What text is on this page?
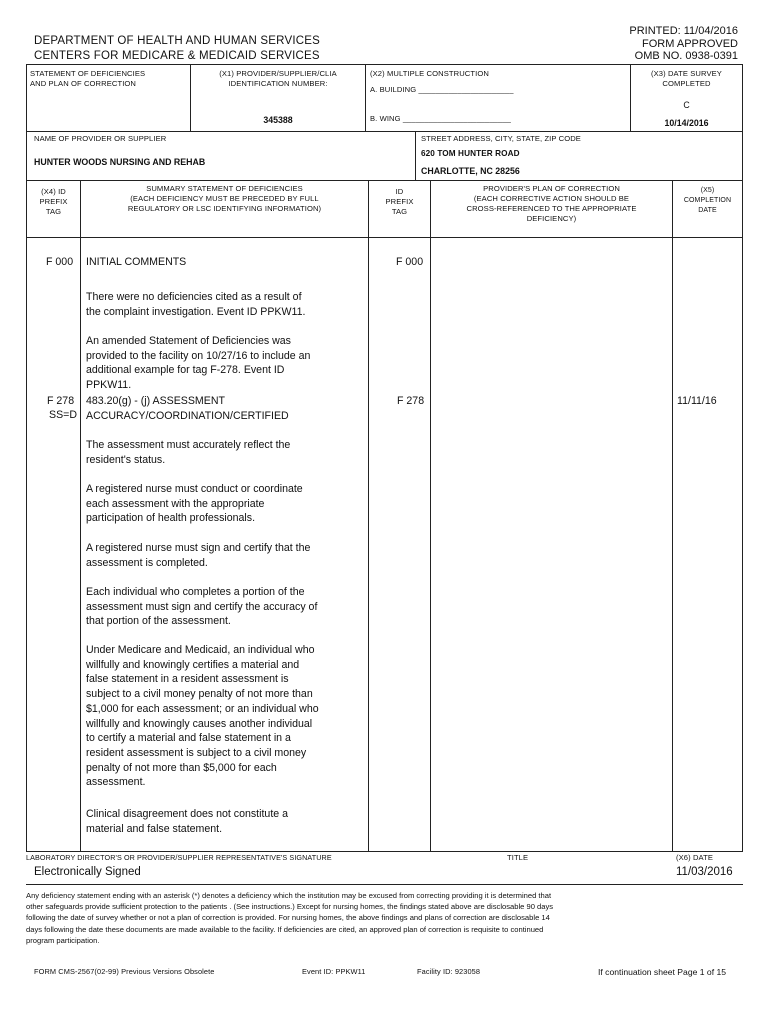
DEPARTMENT OF HEALTH AND HUMAN SERVICES
CENTERS FOR MEDICARE & MEDICAID SERVICES
PRINTED: 11/04/2016
FORM APPROVED
OMB NO. 0938-0391
STATEMENT OF DEFICIENCIES
AND PLAN OF CORRECTION
(X1) PROVIDER/SUPPLIER/CLIA
IDENTIFICATION NUMBER:
345388
(X2) MULTIPLE CONSTRUCTION
A. BUILDING ______________________
B. WING _________________________
(X3) DATE SURVEY
COMPLETED
C
10/14/2016
NAME OF PROVIDER OR SUPPLIER
HUNTER WOODS NURSING AND REHAB
STREET ADDRESS, CITY, STATE, ZIP CODE
620 TOM HUNTER ROAD
CHARLOTTE, NC 28256
(X4) ID
PREFIX
TAG
SUMMARY STATEMENT OF DEFICIENCIES
(EACH DEFICIENCY MUST BE PRECEDED BY FULL
REGULATORY OR LSC IDENTIFYING INFORMATION)
ID
PREFIX
TAG
PROVIDER'S PLAN OF CORRECTION
(EACH CORRECTIVE ACTION SHOULD BE
CROSS-REFERENCED TO THE APPROPRIATE
DEFICIENCY)
(X5)
COMPLETION
DATE
F 000 INITIAL COMMENTS	F 000
There were no deficiencies cited as a result of
the complaint investigation. Event ID PPKW11.
An amended Statement of Deficiencies was
provided to the facility on 10/27/16 to include an
additional example for tag F-278. Event ID
PPKW11.
F 278
SS=D
483.20(g) - (j) ASSESSMENT
ACCURACY/COORDINATION/CERTIFIED
F 278	11/11/16
The assessment must accurately reflect the
resident's status.
A registered nurse must conduct or coordinate
each assessment with the appropriate
participation of health professionals.
A registered nurse must sign and certify that the
assessment is completed.
Each individual who completes a portion of the
assessment must sign and certify the accuracy of
that portion of the assessment.
Under Medicare and Medicaid, an individual who
willfully and knowingly certifies a material and
false statement in a resident assessment is
subject to a civil money penalty of not more than
$1,000 for each assessment; or an individual who
willfully and knowingly causes another individual
to certify a material and false statement in a
resident assessment is subject to a civil money
penalty of not more than $5,000 for each
assessment.
Clinical disagreement does not constitute a
material and false statement.
LABORATORY DIRECTOR'S OR PROVIDER/SUPPLIER REPRESENTATIVE'S SIGNATURE	TITLE	(X6) DATE
Electronically Signed	11/03/2016
Any deficiency statement ending with an asterisk (*) denotes a deficiency which the institution may be excused from correcting providing it is determined that
other safeguards provide sufficient protection to the patients . (See instructions.) Except for nursing homes, the findings stated above are disclosable 90 days
following the date of survey whether or not a plan of correction is provided. For nursing homes, the above findings and plans of correction are disclosable 14
days following the date these documents are made available to the facility. If deficiencies are cited, an approved plan of correction is requisite to continued
program participation.
FORM CMS-2567(02-99) Previous Versions Obsolete	Event ID: PPKW11	Facility ID: 923058	If continuation sheet Page 1 of 15
